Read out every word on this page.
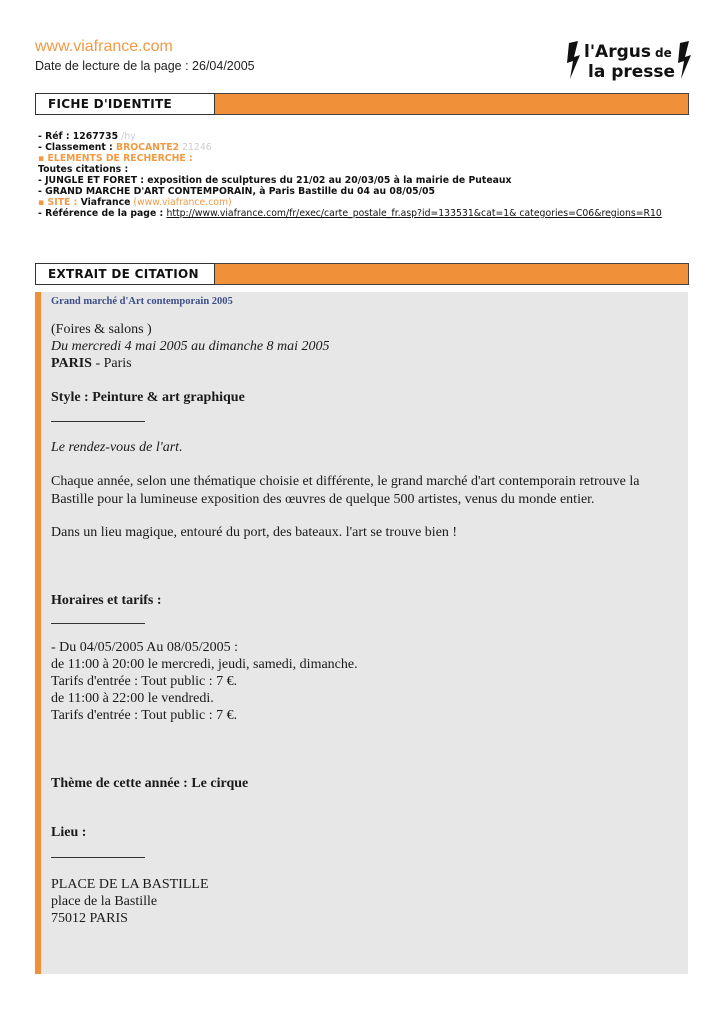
www.viafrance.com
Date de lecture de la page : 26/04/2005
l'Argus de
la presse
FICHE D'IDENTITE
- Réf : 1267735 /hy
- Classement : BROCANTE2 21246
▪ ELEMENTS DE RECHERCHE :
Toutes citations :
- JUNGLE ET FORET : exposition de sculptures du 21/02 au 20/03/05 à la mairie de Puteaux
- GRAND MARCHE D'ART CONTEMPORAIN, à Paris Bastille du 04 au 08/05/05
▪ SITE : Viafrance (www.viafrance.com)
- Référence de la page : http://www.viafrance.com/fr/exec/carte_postale_fr.asp?id=133531&cat=1& categories=C06&regions=R10
EXTRAIT DE CITATION
Grand marché d'Art contemporain 2005
(Foires & salons )
Du mercredi 4 mai 2005 au dimanche 8 mai 2005
PARIS - Paris
Style : Peinture & art graphique
Le rendez-vous de l'art.
Chaque année, selon une thématique choisie et différente, le grand marché d'art contemporain retrouve la Bastille pour la lumineuse exposition des œuvres de quelque 500 artistes, venus du monde entier.
Dans un lieu magique, entouré du port, des bateaux. l'art se trouve bien !
Horaires et tarifs :
- Du 04/05/2005 Au 08/05/2005 :
de 11:00 à 20:00 le mercredi, jeudi, samedi, dimanche.
Tarifs d'entrée : Tout public : 7 €.
de 11:00 à 22:00 le vendredi.
Tarifs d'entrée : Tout public : 7 €.
Thème de cette année : Le cirque
Lieu :
PLACE DE LA BASTILLE
place de la Bastille
75012 PARIS
